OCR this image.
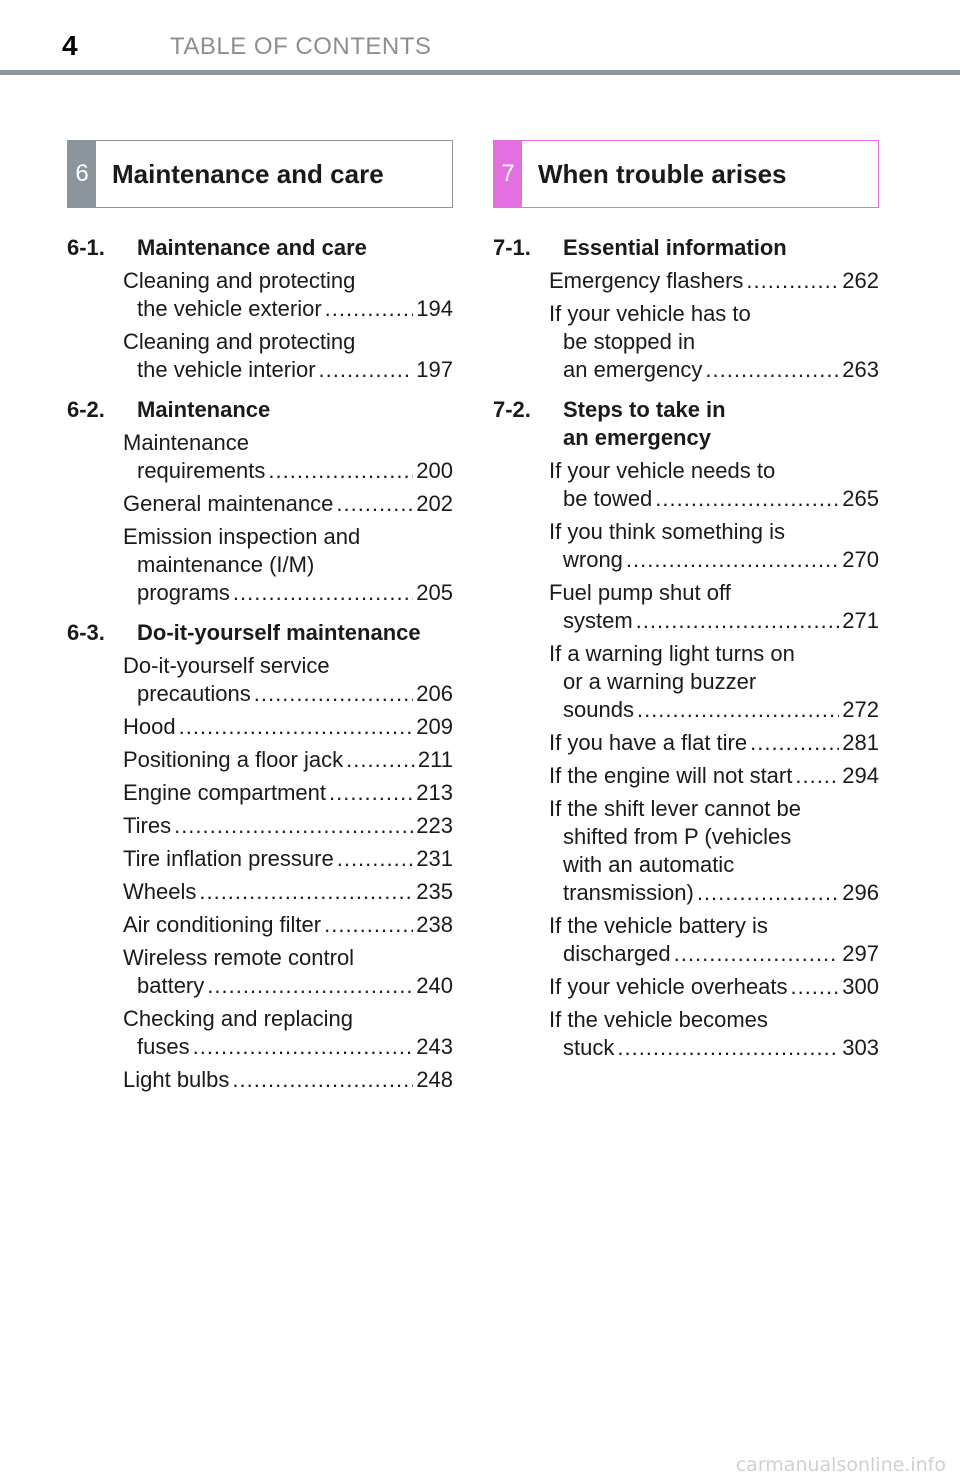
4	TABLE OF CONTENTS
6 Maintenance and care
6-1.	Maintenance and care
Cleaning and protecting
the vehicle exterior .....	194
Cleaning and protecting
the vehicle interior .....	197
6-2.	Maintenance
Maintenance
requirements .....	200
General maintenance .....	202
Emission inspection and
maintenance (I/M)
programs .....	205
6-3.	Do-it-yourself maintenance
Do-it-yourself service
precautions .....	206
Hood .....	209
Positioning a floor jack .....	211
Engine compartment .....	213
Tires .....	223
Tire inflation pressure .....	231
Wheels .....	235
Air conditioning filter .....	238
Wireless remote control
battery .....	240
Checking and replacing
fuses .....	243
Light bulbs .....	248
7 When trouble arises
7-1.	Essential information
Emergency flashers .....	262
If your vehicle has to
be stopped in
an emergency .....	263
7-2.	Steps to take in
an emergency
If your vehicle needs to
be towed .....	265
If you think something is
wrong .....	270
Fuel pump shut off
system .....	271
If a warning light turns on
or a warning buzzer
sounds .....	272
If you have a flat tire .....	281
If the engine will not start ..... 294
If the shift lever cannot be
shifted from P (vehicles
with an automatic
transmission) .....	296
If the vehicle battery is
discharged .....	297
If your vehicle overheats ..... 300
If the vehicle becomes
stuck .....	303
carmanualsonline.info
